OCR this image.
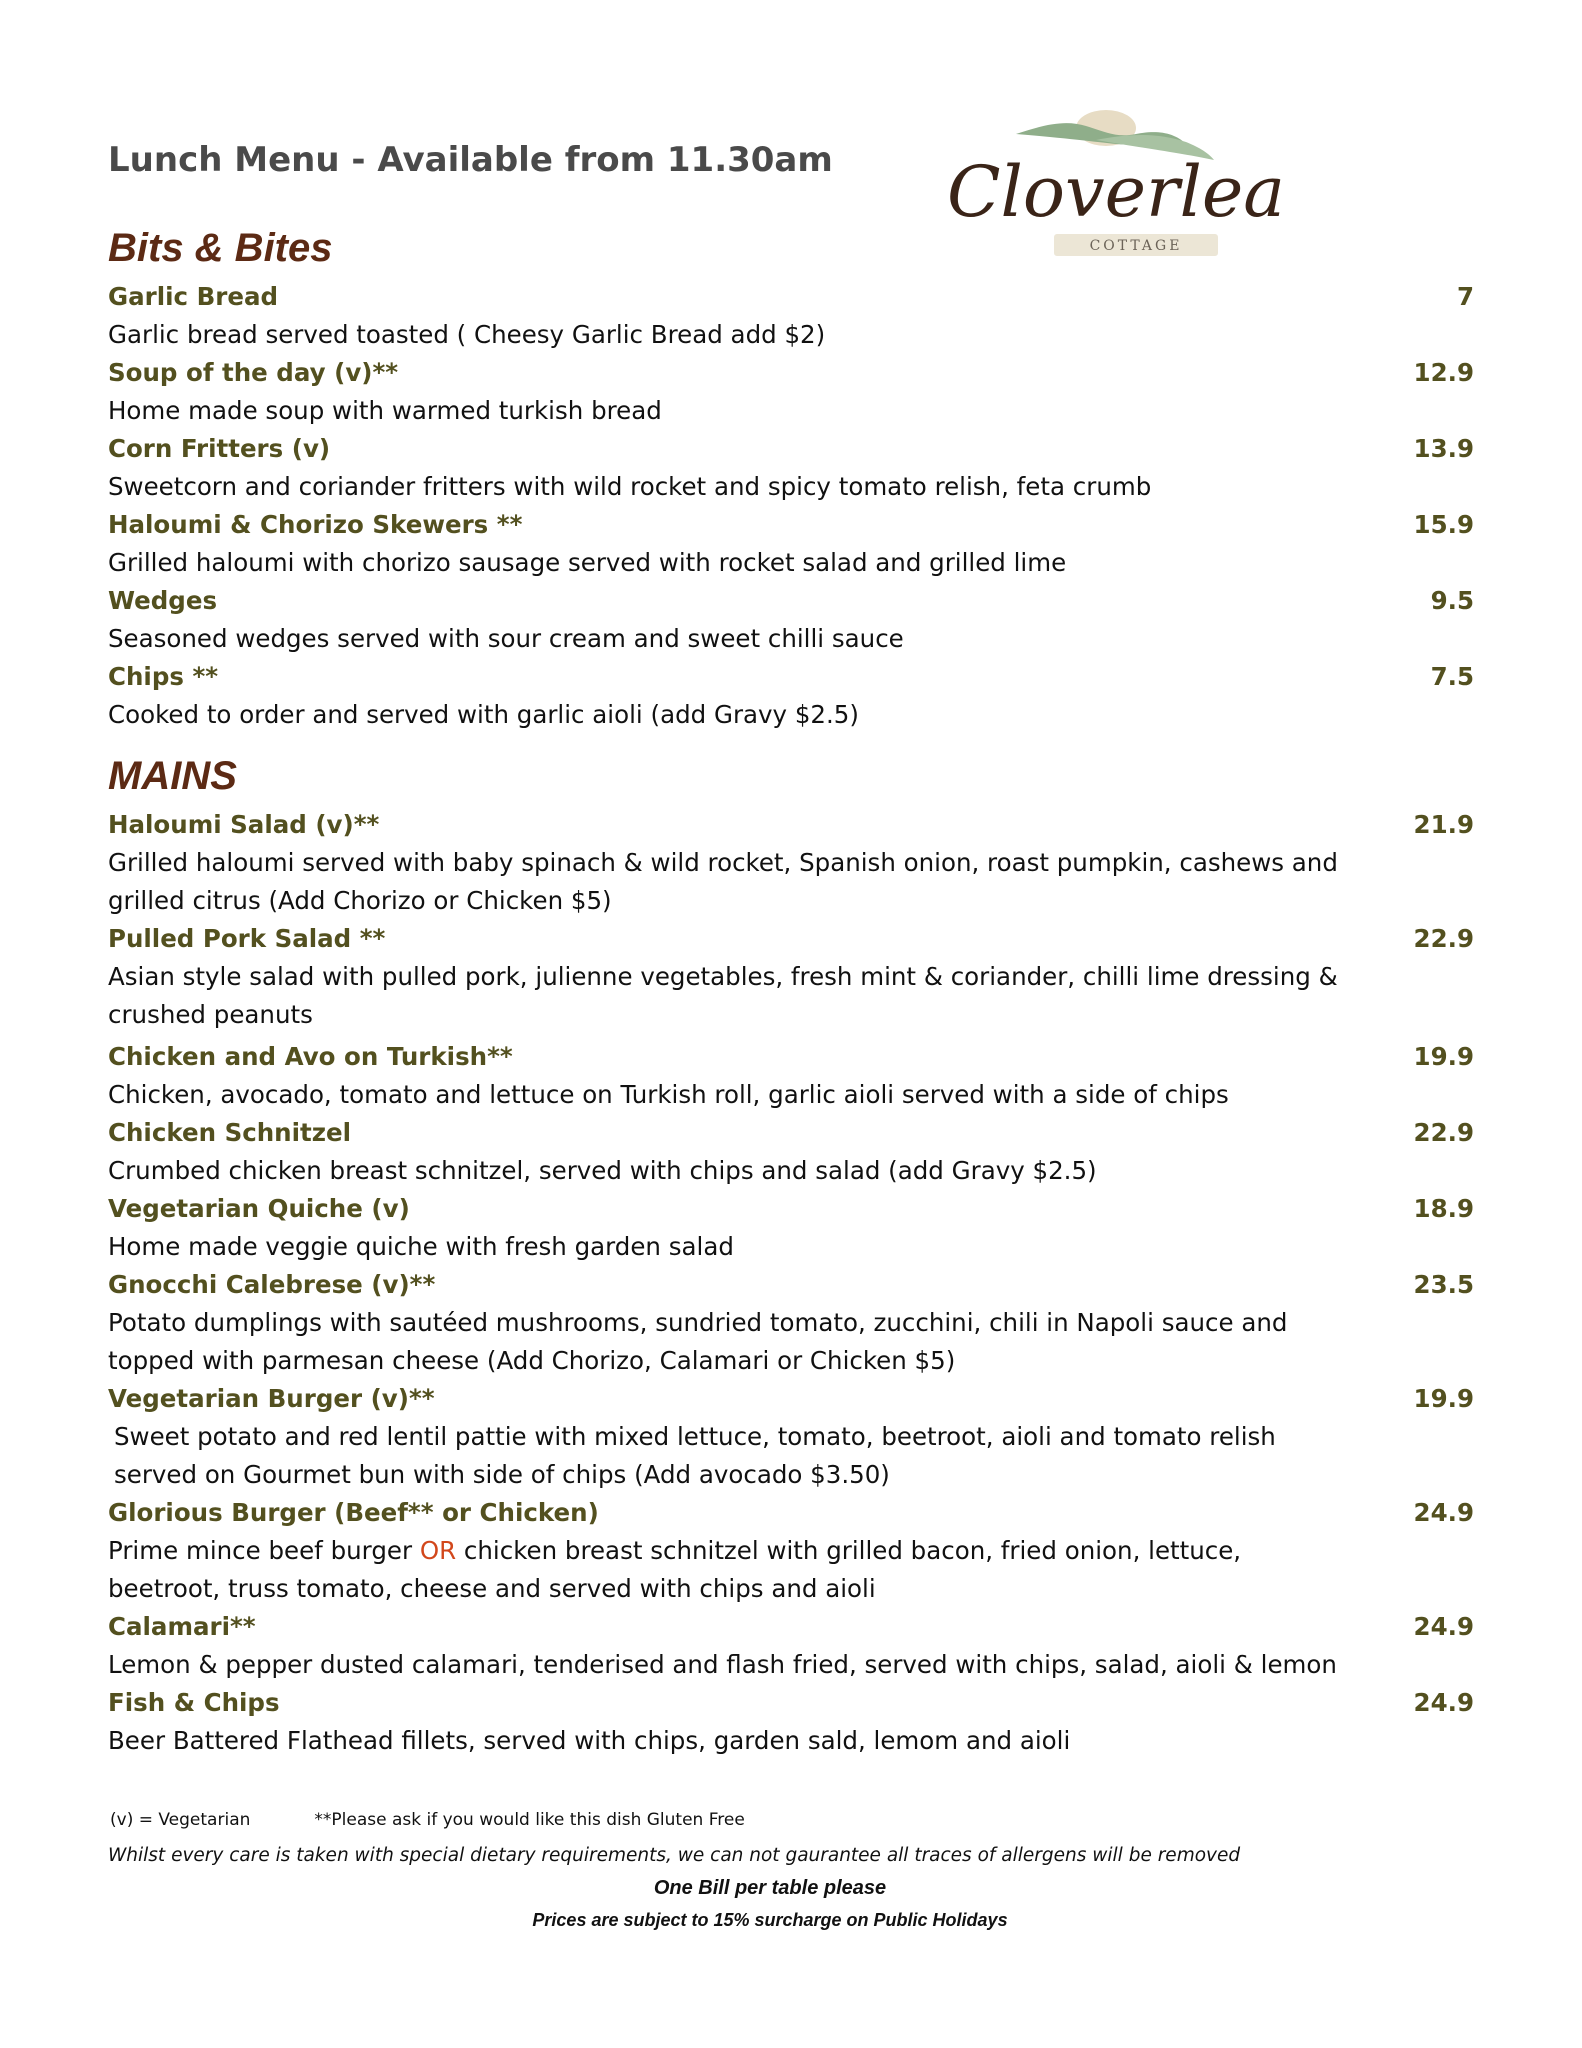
Lunch Menu - Available from 11.30am Cloverlea
COTTAGE
Bits & Bites
Garlic Bread	7
Garlic bread served toasted ( Cheesy Garlic Bread add $2)
Soup of the day (v)**	12.9
Home made soup with warmed turkish bread
Corn Fritters (v)	13.9
Sweetcorn and coriander fritters with wild rocket and spicy tomato relish, feta crumb
Haloumi & Chorizo Skewers **	15.9
Grilled haloumi with chorizo sausage served with rocket salad and grilled lime
Wedges	9.5
Seasoned wedges served with sour cream and sweet chilli sauce
Chips **	7.5
Cooked to order and served with garlic aioli (add Gravy $2.5)
MAINS
Haloumi Salad (v)**	21.9
Grilled haloumi served with baby spinach & wild rocket, Spanish onion, roast pumpkin, cashews and grilled citrus (Add Chorizo or Chicken $5)
Pulled Pork Salad **	22.9
Asian style salad with pulled pork, julienne vegetables, fresh mint & coriander, chilli lime dressing & crushed peanuts
Chicken and Avo on Turkish**	19.9
Chicken, avocado, tomato and lettuce on Turkish roll, garlic aioli served with a side of chips
Chicken Schnitzel	22.9
Crumbed chicken breast schnitzel, served with chips and salad (add Gravy $2.5)
Vegetarian Quiche (v)	18.9
Home made veggie quiche with fresh garden salad
Gnocchi Calebrese (v)**	23.5
Potato dumplings with sautéed mushrooms, sundried tomato, zucchini, chili in Napoli sauce and topped with parmesan cheese (Add Chorizo, Calamari or Chicken $5)
Vegetarian Burger (v)**	19.9
Sweet potato and red lentil pattie with mixed lettuce, tomato, beetroot, aioli and tomato relish served on Gourmet bun with side of chips (Add avocado $3.50)
Glorious Burger (Beef** or Chicken)	24.9
Prime mince beef burger OR chicken breast schnitzel with grilled bacon, fried onion, lettuce, beetroot, truss tomato, cheese and served with chips and aioli
Calamari**	24.9
Lemon & pepper dusted calamari, tenderised and flash fried, served with chips, salad, aioli & lemon
Fish & Chips	24.9
Beer Battered Flathead fillets, served with chips, garden sald, lemom and aioli
(v) = Vegetarian	**Please ask if you would like this dish Gluten Free
Whilst every care is taken with special dietary requirements, we can not gaurantee all traces of allergens will be removed
One Bill per table please
Prices are subject to 15% surcharge on Public Holidays
